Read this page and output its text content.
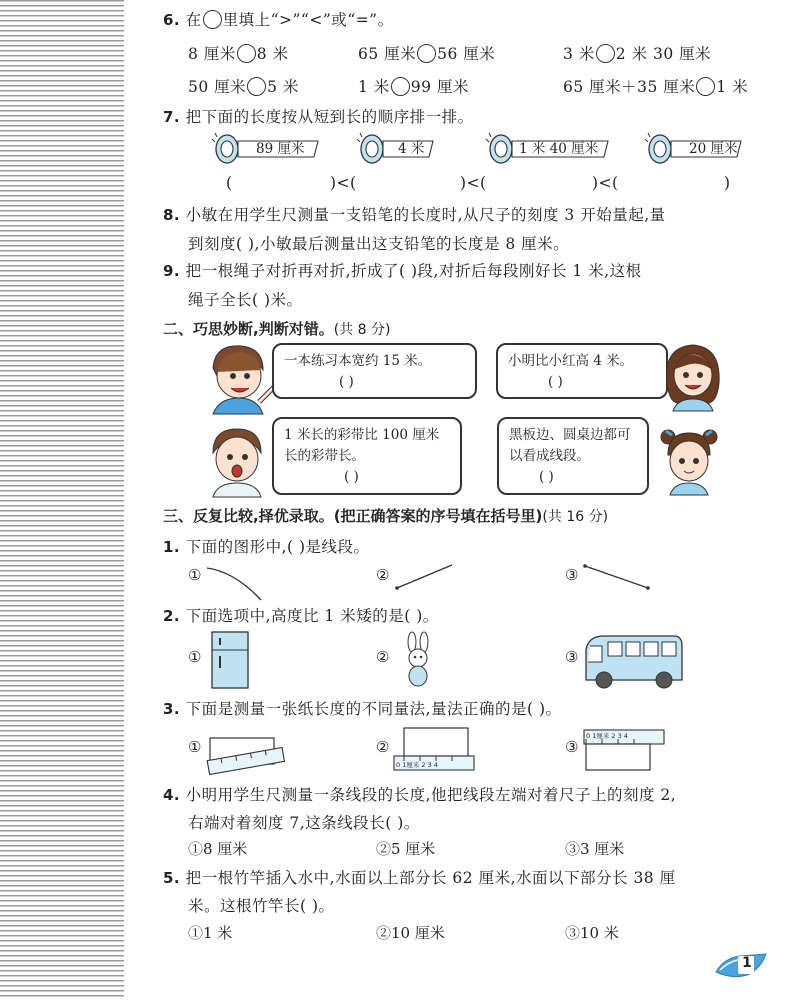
6. 在 里填上“>”“<”或“=”。
8 厘米 8 米	65 厘米 56 厘米	3 米 2 米 30 厘米
50 厘米 5 米	1 米 99 厘米	65 厘米＋35 厘米 1 米
7. 把下面的长度按从短到长的顺序排一排。
89 厘米	4 米	1 米 40 厘米	20 厘米
(	)<(	)<(	)<(	)
8. 小敏在用学生尺测量一支铅笔的长度时,从尺子的刻度 3 开始量起,量
到刻度( ),小敏最后测量出这支铅笔的长度是 8 厘米。
9. 把一根绳子对折再对折,折成了( )段,对折后每段刚好长 1 米,这根
绳子全长( )米。
二、巧思妙断,判断对错。(共 8 分)
一本练习本宽约 15 米。
( )
小明比小红高 4 米。
( )
1 米长的彩带比 100 厘米长的彩带长。
( )
黑板边、圆桌边都可以看成线段。
( )
三、反复比较,择优录取。(把正确答案的序号填在括号里)(共 16 分)
1. 下面的图形中,( )是线段。
①	②	③
2. 下面选项中,高度比 1 米矮的是( )。
①	②	③
3. 下面是测量一张纸长度的不同量法,量法正确的是( )。
①	②
0 1厘米 2 3 4
③
0 1厘米 2 3 4
4. 小明用学生尺测量一条线段的长度,他把线段左端对着尺子上的刻度 2,
右端对着刻度 7,这条线段长( )。
①8 厘米	②5 厘米	③3 厘米
5. 把一根竹竿插入水中,水面以上部分长 62 厘米,水面以下部分长 38 厘
米。这根竹竿长( )。
①1 米	②10 厘米	③10 米
1
